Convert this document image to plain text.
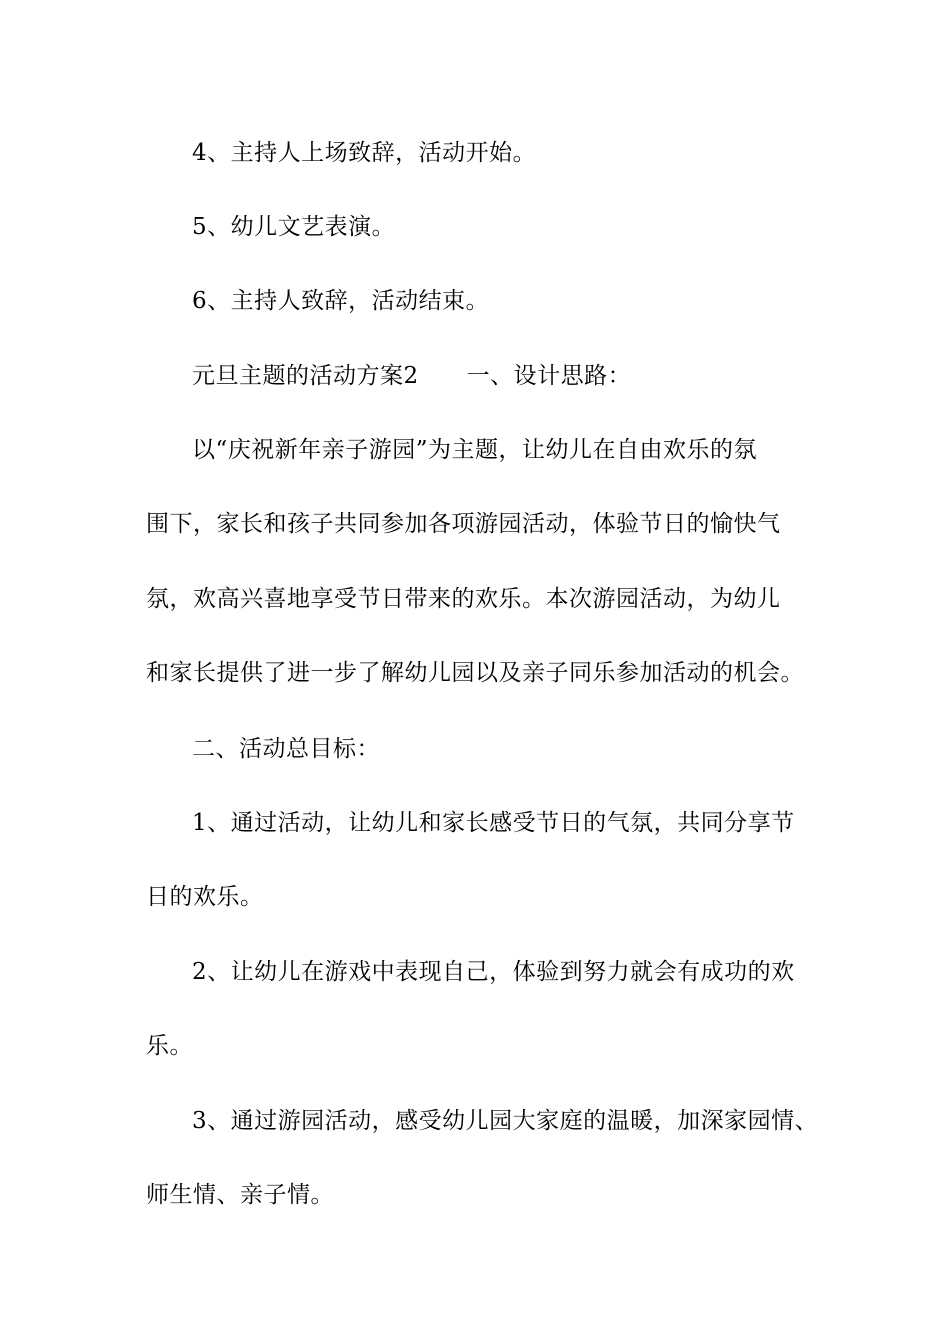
4、主持人上场致辞，活动开始。
5、幼儿文艺表演。
6、主持人致辞，活动结束。
元旦主题的活动方案2 一、设计思路：
以“庆祝新年亲子游园”为主题，让幼儿在自由欢乐的氛
围下，家长和孩子共同参加各项游园活动，体验节日的愉快气
氛，欢高兴喜地享受节日带来的欢乐。本次游园活动，为幼儿
和家长提供了进一步了解幼儿园以及亲子同乐参加活动的机会。
二、活动总目标：
1、通过活动，让幼儿和家长感受节日的气氛，共同分享节
日的欢乐。
2、让幼儿在游戏中表现自己，体验到努力就会有成功的欢
乐。
3、通过游园活动，感受幼儿园大家庭的温暖，加深家园情、
师生情、亲子情。
